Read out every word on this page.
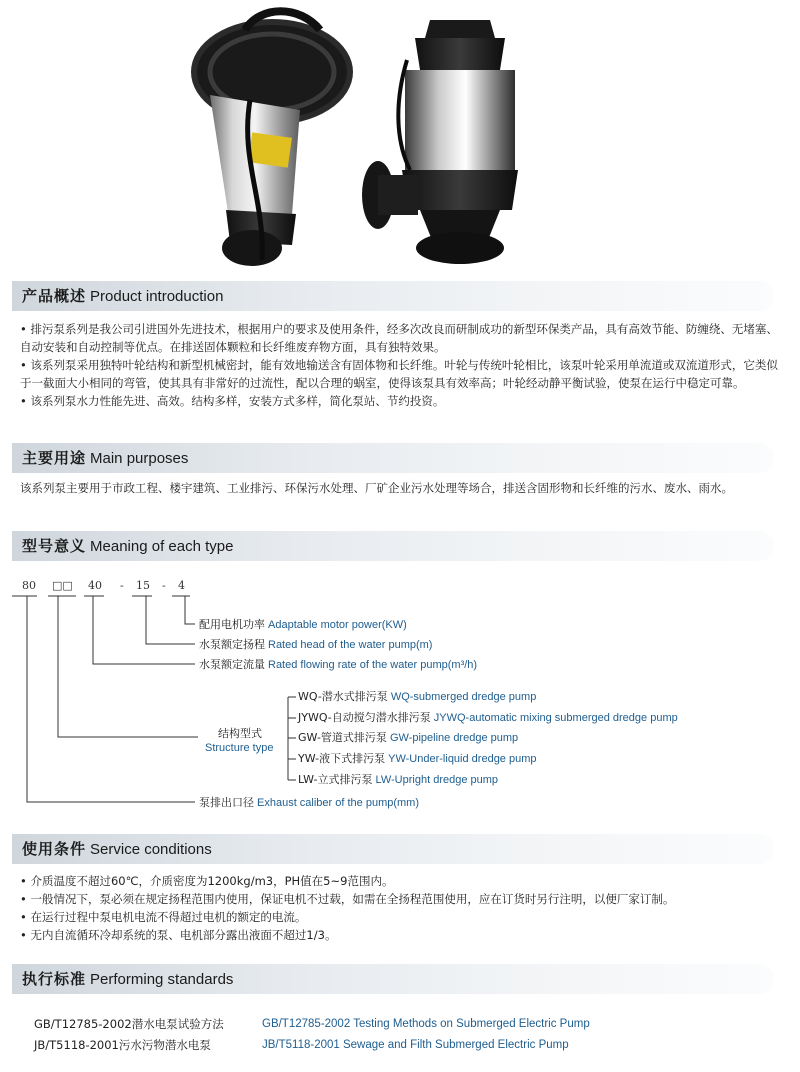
产品概述 Product introduction
• 排污泵系列是我公司引进国外先进技术，根据用户的要求及使用条件，经多次改良而研制成功的新型环保类产品，具有高效节能、防缠绕、无堵塞、自动安装和自动控制等优点。在排送固体颗粒和长纤维废弃物方面，具有独特效果。
• 该系列泵采用独特叶轮结构和新型机械密封，能有效地输送含有固体物和长纤维。叶轮与传统叶轮相比，该泵叶轮采用单流道或双流道形式，它类似于一截面大小相同的弯管，使其具有非常好的过流性，配以合理的蜗室，使得该泵具有效率高；叶轮经动静平衡试验，使泵在运行中稳定可靠。
• 该系列泵水力性能先进、高效。结构多样，安装方式多样，简化泵站、节约投资。
主要用途 Main purposes
该系列泵主要用于市政工程、楼宇建筑、工业排污、环保污水处理、厂矿企业污水处理等场合，排送含固形物和长纤维的污水、废水、雨水。
型号意义 Meaning of each type
80 □□ 40 - 15 - 4
配用电机功率 Adaptable motor power(KW)
水泵额定扬程 Rated head of the water pump(m)
水泵额定流量 Rated flowing rate of the water pump(m³/h)
结构型式
Structure type
WQ-潜水式排污泵 WQ-submerged dredge pump
JYWQ-自动搅匀潜水排污泵 JYWQ-automatic mixing submerged dredge pump
GW-管道式排污泵 GW-pipeline dredge pump
YW-液下式排污泵 YW-Under-liquid dredge pump
LW-立式排污泵 LW-Upright dredge pump
泵排出口径 Exhaust caliber of the pump(mm)
使用条件 Service conditions
• 介质温度不超过60℃，介质密度为1200kg/m3，PH值在5~9范围内。
• 一般情况下，泵必须在规定扬程范围内使用，保证电机不过载，如需在全扬程范围使用，应在订货时另行注明，以便厂家订制。
• 在运行过程中泵电机电流不得超过电机的额定的电流。
• 无内自流循环冷却系统的泵、电机部分露出液面不超过1/3。
执行标准 Performing standards
GB/T12785-2002潜水电泵试验方法	GB/T12785-2002 Testing Methods on Submerged Electric Pump
JB/T5118-2001污水污物潜水电泵	JB/T5118-2001 Sewage and Filth Submerged Electric Pump
